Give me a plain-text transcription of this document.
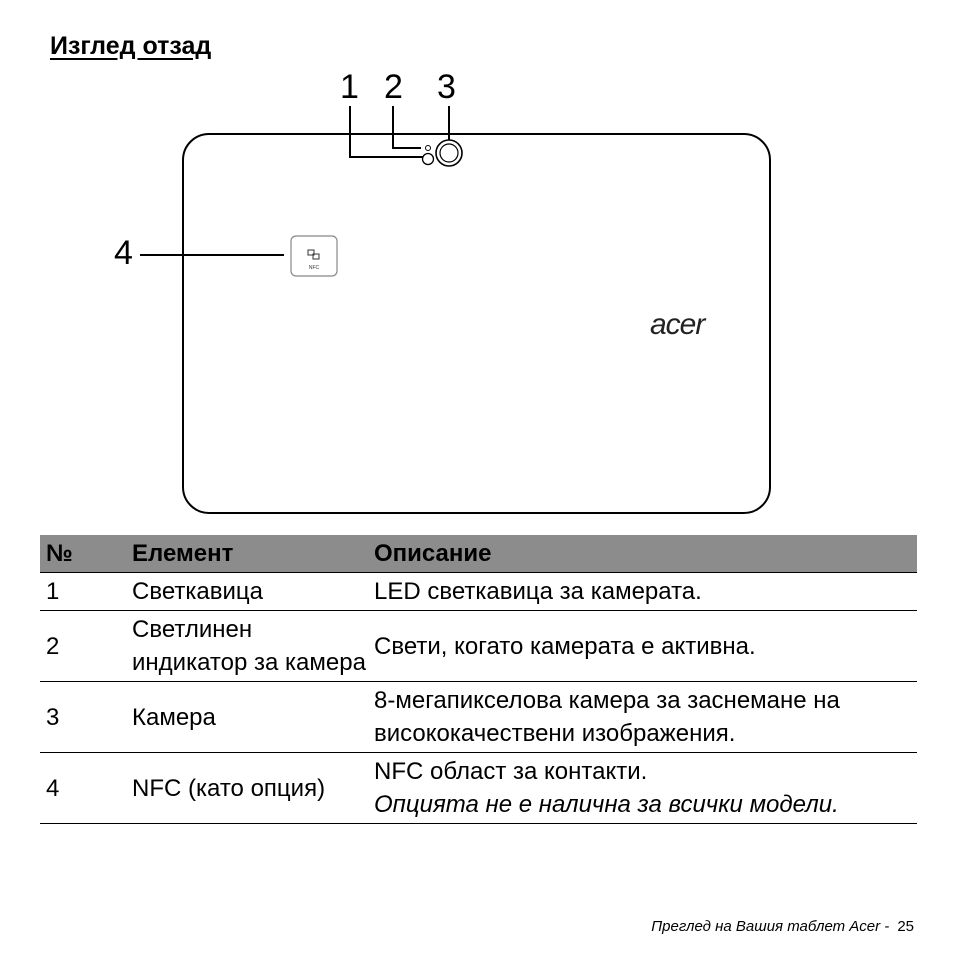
Изглед отзад
1 2 3
4	NFC
acer
№	Елемент	Описание
1	Светкавица	LED светкавица за камерата.
2	Светлинен индикатор за камера	Свети, когато камерата е активна.
3	Камера	8-мегапикселова камера за заснемане на висококачествени изображения.
4	NFC (като опция)	NFC област за контакти.
Опцията не е налична за всички модели.
Преглед на Вашия таблет Acer - 25
